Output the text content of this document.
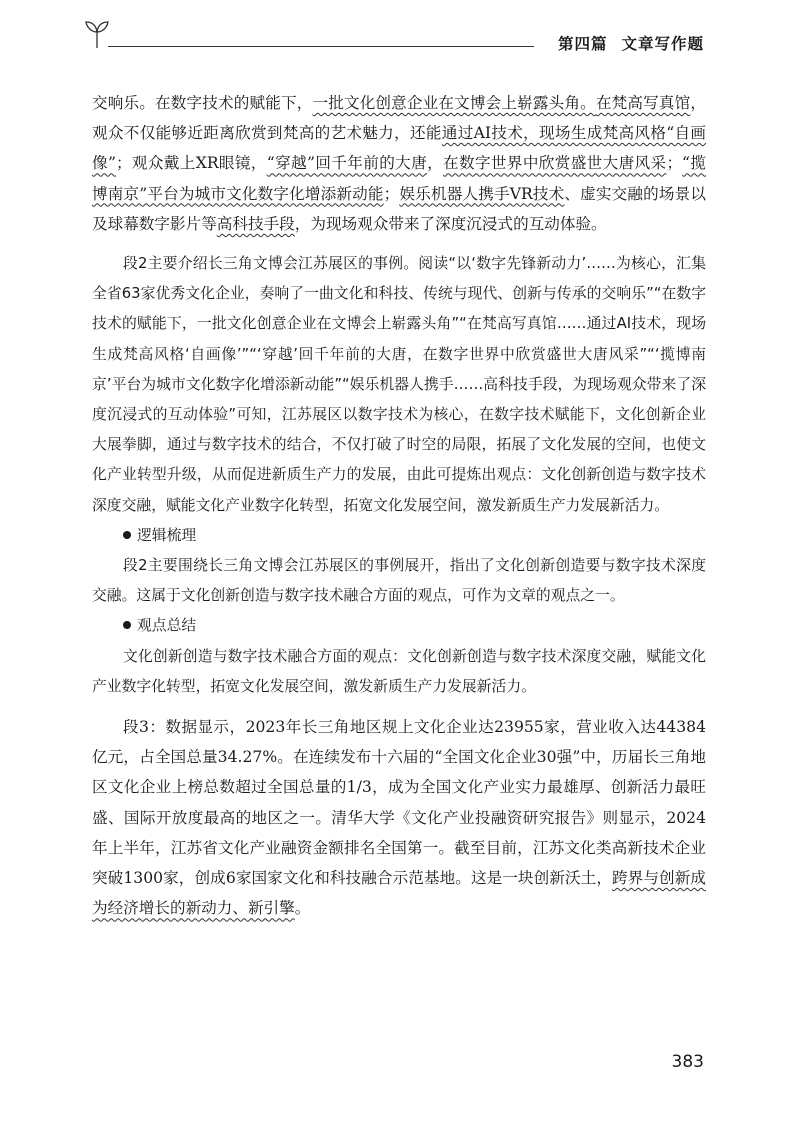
第四篇 文章写作题

交响乐。在数字技术的赋能下，一批文化创意企业在文博会上崭露头角。在梵高写真馆，观众不仅能够近距离欣赏到梵高的艺术魅力，还能通过AI技术，现场生成梵高风格“自画像”；观众戴上XR眼镜，“穿越”回千年前的大唐，在数字世界中欣赏盛世大唐风采；“揽博南京”平台为城市文化数字化增添新动能；娱乐机器人携手VR技术、虚实交融的场景以及球幕数字影片等高科技手段，为现场观众带来了深度沉浸式的互动体验。

段2主要介绍长三角文博会江苏展区的事例。阅读“以‘数字先锋新动力’……为核心，汇集全省63家优秀文化企业，奏响了一曲文化和科技、传统与现代、创新与传承的交响乐”“在数字技术的赋能下，一批文化创意企业在文博会上崭露头角”“在梵高写真馆……通过AI技术，现场生成梵高风格‘自画像’”“‘穿越’回千年前的大唐，在数字世界中欣赏盛世大唐风采”“‘揽博南京’平台为城市文化数字化增添新动能”“娱乐机器人携手……高科技手段，为现场观众带来了深度沉浸式的互动体验”可知，江苏展区以数字技术为核心，在数字技术赋能下，文化创新企业大展拳脚，通过与数字技术的结合，不仅打破了时空的局限，拓展了文化发展的空间，也使文化产业转型升级，从而促进新质生产力的发展，由此可提炼出观点：文化创新创造与数字技术深度交融，赋能文化产业数字化转型，拓宽文化发展空间，激发新质生产力发展新活力。

逻辑梳理

段2主要围绕长三角文博会江苏展区的事例展开，指出了文化创新创造要与数字技术深度交融。这属于文化创新创造与数字技术融合方面的观点，可作为文章的观点之一。

观点总结

文化创新创造与数字技术融合方面的观点：文化创新创造与数字技术深度交融，赋能文化产业数字化转型，拓宽文化发展空间，激发新质生产力发展新活力。

段3：数据显示，2023年长三角地区规上文化企业达23955家，营业收入达44384亿元，占全国总量34.27%。在连续发布十六届的“全国文化企业30强”中，历届长三角地区文化企业上榜总数超过全国总量的1/3，成为全国文化产业实力最雄厚、创新活力最旺盛、国际开放度最高的地区之一。清华大学《文化产业投融资研究报告》则显示，2024年上半年，江苏省文化产业融资金额排名全国第一。截至目前，江苏文化类高新技术企业突破1300家，创成6家国家文化和科技融合示范基地。这是一块创新沃土，跨界与创新成为经济增长的新动力、新引擎。

383
